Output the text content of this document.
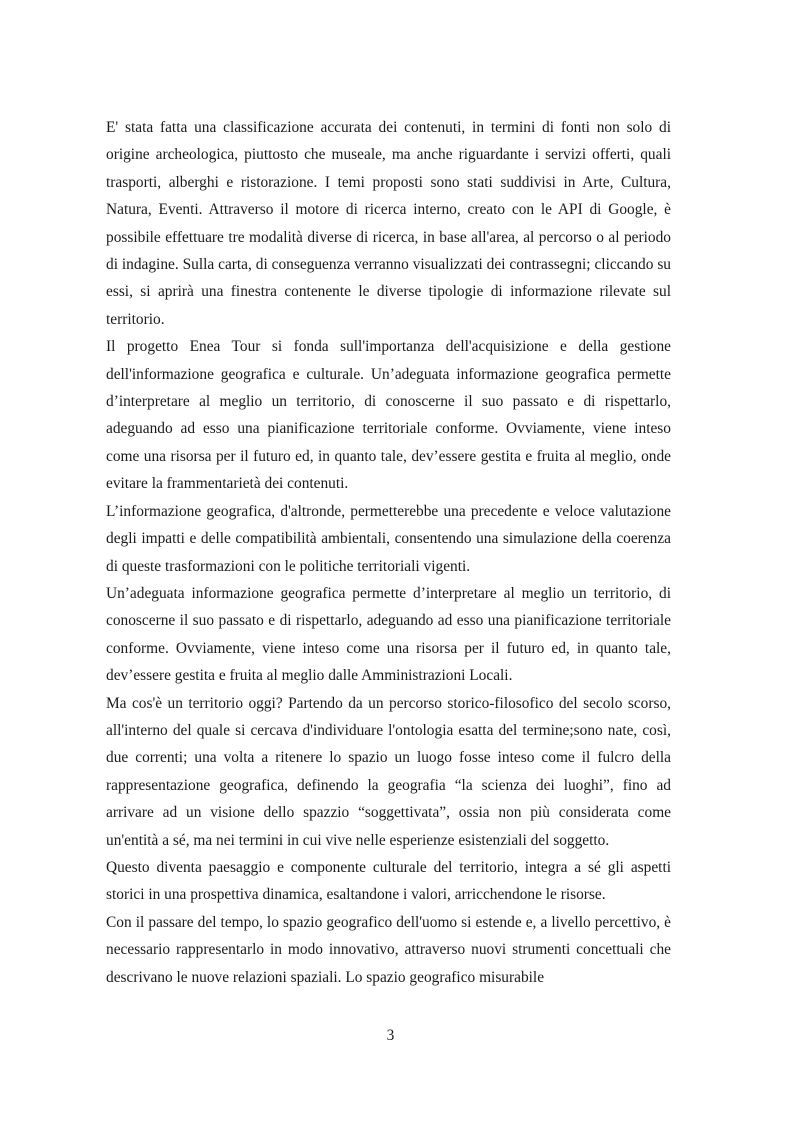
E' stata fatta una classificazione accurata dei contenuti, in termini di fonti non solo di origine archeologica, piuttosto che museale, ma anche riguardante i servizi offerti, quali trasporti, alberghi e ristorazione. I temi proposti sono stati suddivisi in Arte, Cultura, Natura, Eventi. Attraverso il motore di ricerca interno, creato con le API di Google, è possibile effettuare tre modalità diverse di ricerca, in base all'area, al percorso o al periodo di indagine. Sulla carta, di conseguenza verranno visualizzati dei contrassegni; cliccando su essi, si aprirà una finestra contenente le diverse tipologie di informazione rilevate sul territorio.

Il progetto Enea Tour si fonda sull'importanza dell'acquisizione e della gestione dell'informazione geografica e culturale. Un’adeguata informazione geografica permette d’interpretare al meglio un territorio, di conoscerne il suo passato e di rispettarlo, adeguando ad esso una pianificazione territoriale conforme. Ovviamente, viene inteso come una risorsa per il futuro ed, in quanto tale, dev’essere gestita e fruita al meglio, onde evitare la frammentarietà dei contenuti.

L’informazione geografica, d'altronde, permetterebbe una precedente e veloce valutazione degli impatti e delle compatibilità ambientali, consentendo una simulazione della coerenza di queste trasformazioni con le politiche territoriali vigenti.

Un’adeguata informazione geografica permette d’interpretare al meglio un territorio, di conoscerne il suo passato e di rispettarlo, adeguando ad esso una pianificazione territoriale conforme. Ovviamente, viene inteso come una risorsa per il futuro ed, in quanto tale, dev’essere gestita e fruita al meglio dalle Amministrazioni Locali.

Ma cos'è un territorio oggi? Partendo da un percorso storico-filosofico del secolo scorso, all'interno del quale si cercava d'individuare l'ontologia esatta del termine;sono nate, così, due correnti; una volta a ritenere lo spazio un luogo fosse inteso come il fulcro della rappresentazione geografica, definendo la geografia “la scienza dei luoghi”, fino ad arrivare ad un visione dello spazzio “soggettivata”, ossia non più considerata come un'entità a sé, ma nei termini in cui vive nelle esperienze esistenziali del soggetto.

Questo diventa paesaggio e componente culturale del territorio, integra a sé gli aspetti storici in una prospettiva dinamica, esaltandone i valori, arricchendone le risorse.

Con il passare del tempo, lo spazio geografico dell'uomo si estende e, a livello percettivo, è necessario rappresentarlo in modo innovativo, attraverso nuovi strumenti concettuali che descrivano le nuove relazioni spaziali. Lo spazio geografico misurabile

3
